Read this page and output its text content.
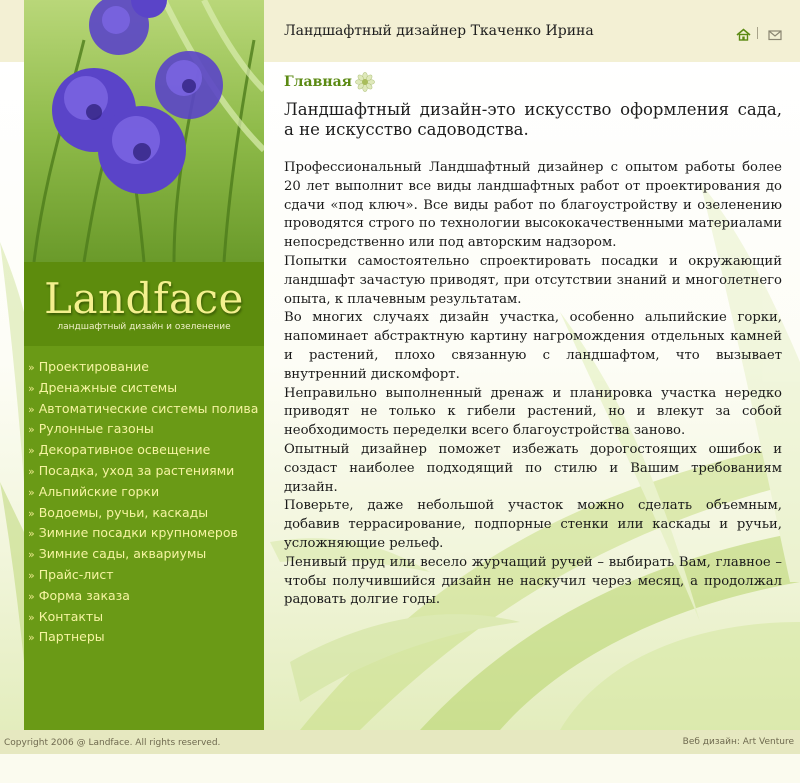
Landface
ландшафтный дизайн и озеленение
» Проектирование
» Дренажные системы
» Автоматические системы полива
» Рулонные газоны
» Декоративное освещение
» Посадка, уход за растениями
» Альпийские горки
» Водоемы, ручьи, каскады
» Зимние посадки крупномеров
» Зимние сады, аквариумы
» Прайс-лист
» Форма заказа
» Контакты
» Партнеры
Ландшафтный дизайнер Ткаченко Ирина
Главная
Ландшафтный дизайн-это искусство оформления сада, а не искусство садоводства.

Профессиональный Ландшафтный дизайнер с опытом работы более 20 лет выполнит все виды ландшафтных работ от проектирования до сдачи «под ключ». Все виды работ по благоустройству и озеленению проводятся строго по технологии высококачественными материалами непосредственно или под авторским надзором.

Попытки самостоятельно спроектировать посадки и окружающий ландшафт зачастую приводят, при отсутствии знаний и многолетнего опыта, к плачевным результатам.

Во многих случаях дизайн участка, особенно альпийские горки, напоминает абстрактную картину нагромождения отдельных камней и растений, плохо связанную с ландшафтом, что вызывает внутренний дискомфорт.

Неправильно выполненный дренаж и планировка участка нередко приводят не только к гибели растений, но и влекут за собой необходимость переделки всего благоустройства заново.

Опытный дизайнер поможет избежать дорогостоящих ошибок и создаст наиболее подходящий по стилю и Вашим требованиям дизайн.

Поверьте, даже небольшой участок можно сделать объемным, добавив террасирование, подпорные стенки или каскады и ручьи, усложняющие рельеф.

Ленивый пруд или весело журчащий ручей – выбирать Вам, главное – чтобы получившийся дизайн не наскучил через месяц, а продолжал радовать долгие годы.

Copyright 2006 @ Landface. All rights reserved.	Веб дизайн: Art Venture
